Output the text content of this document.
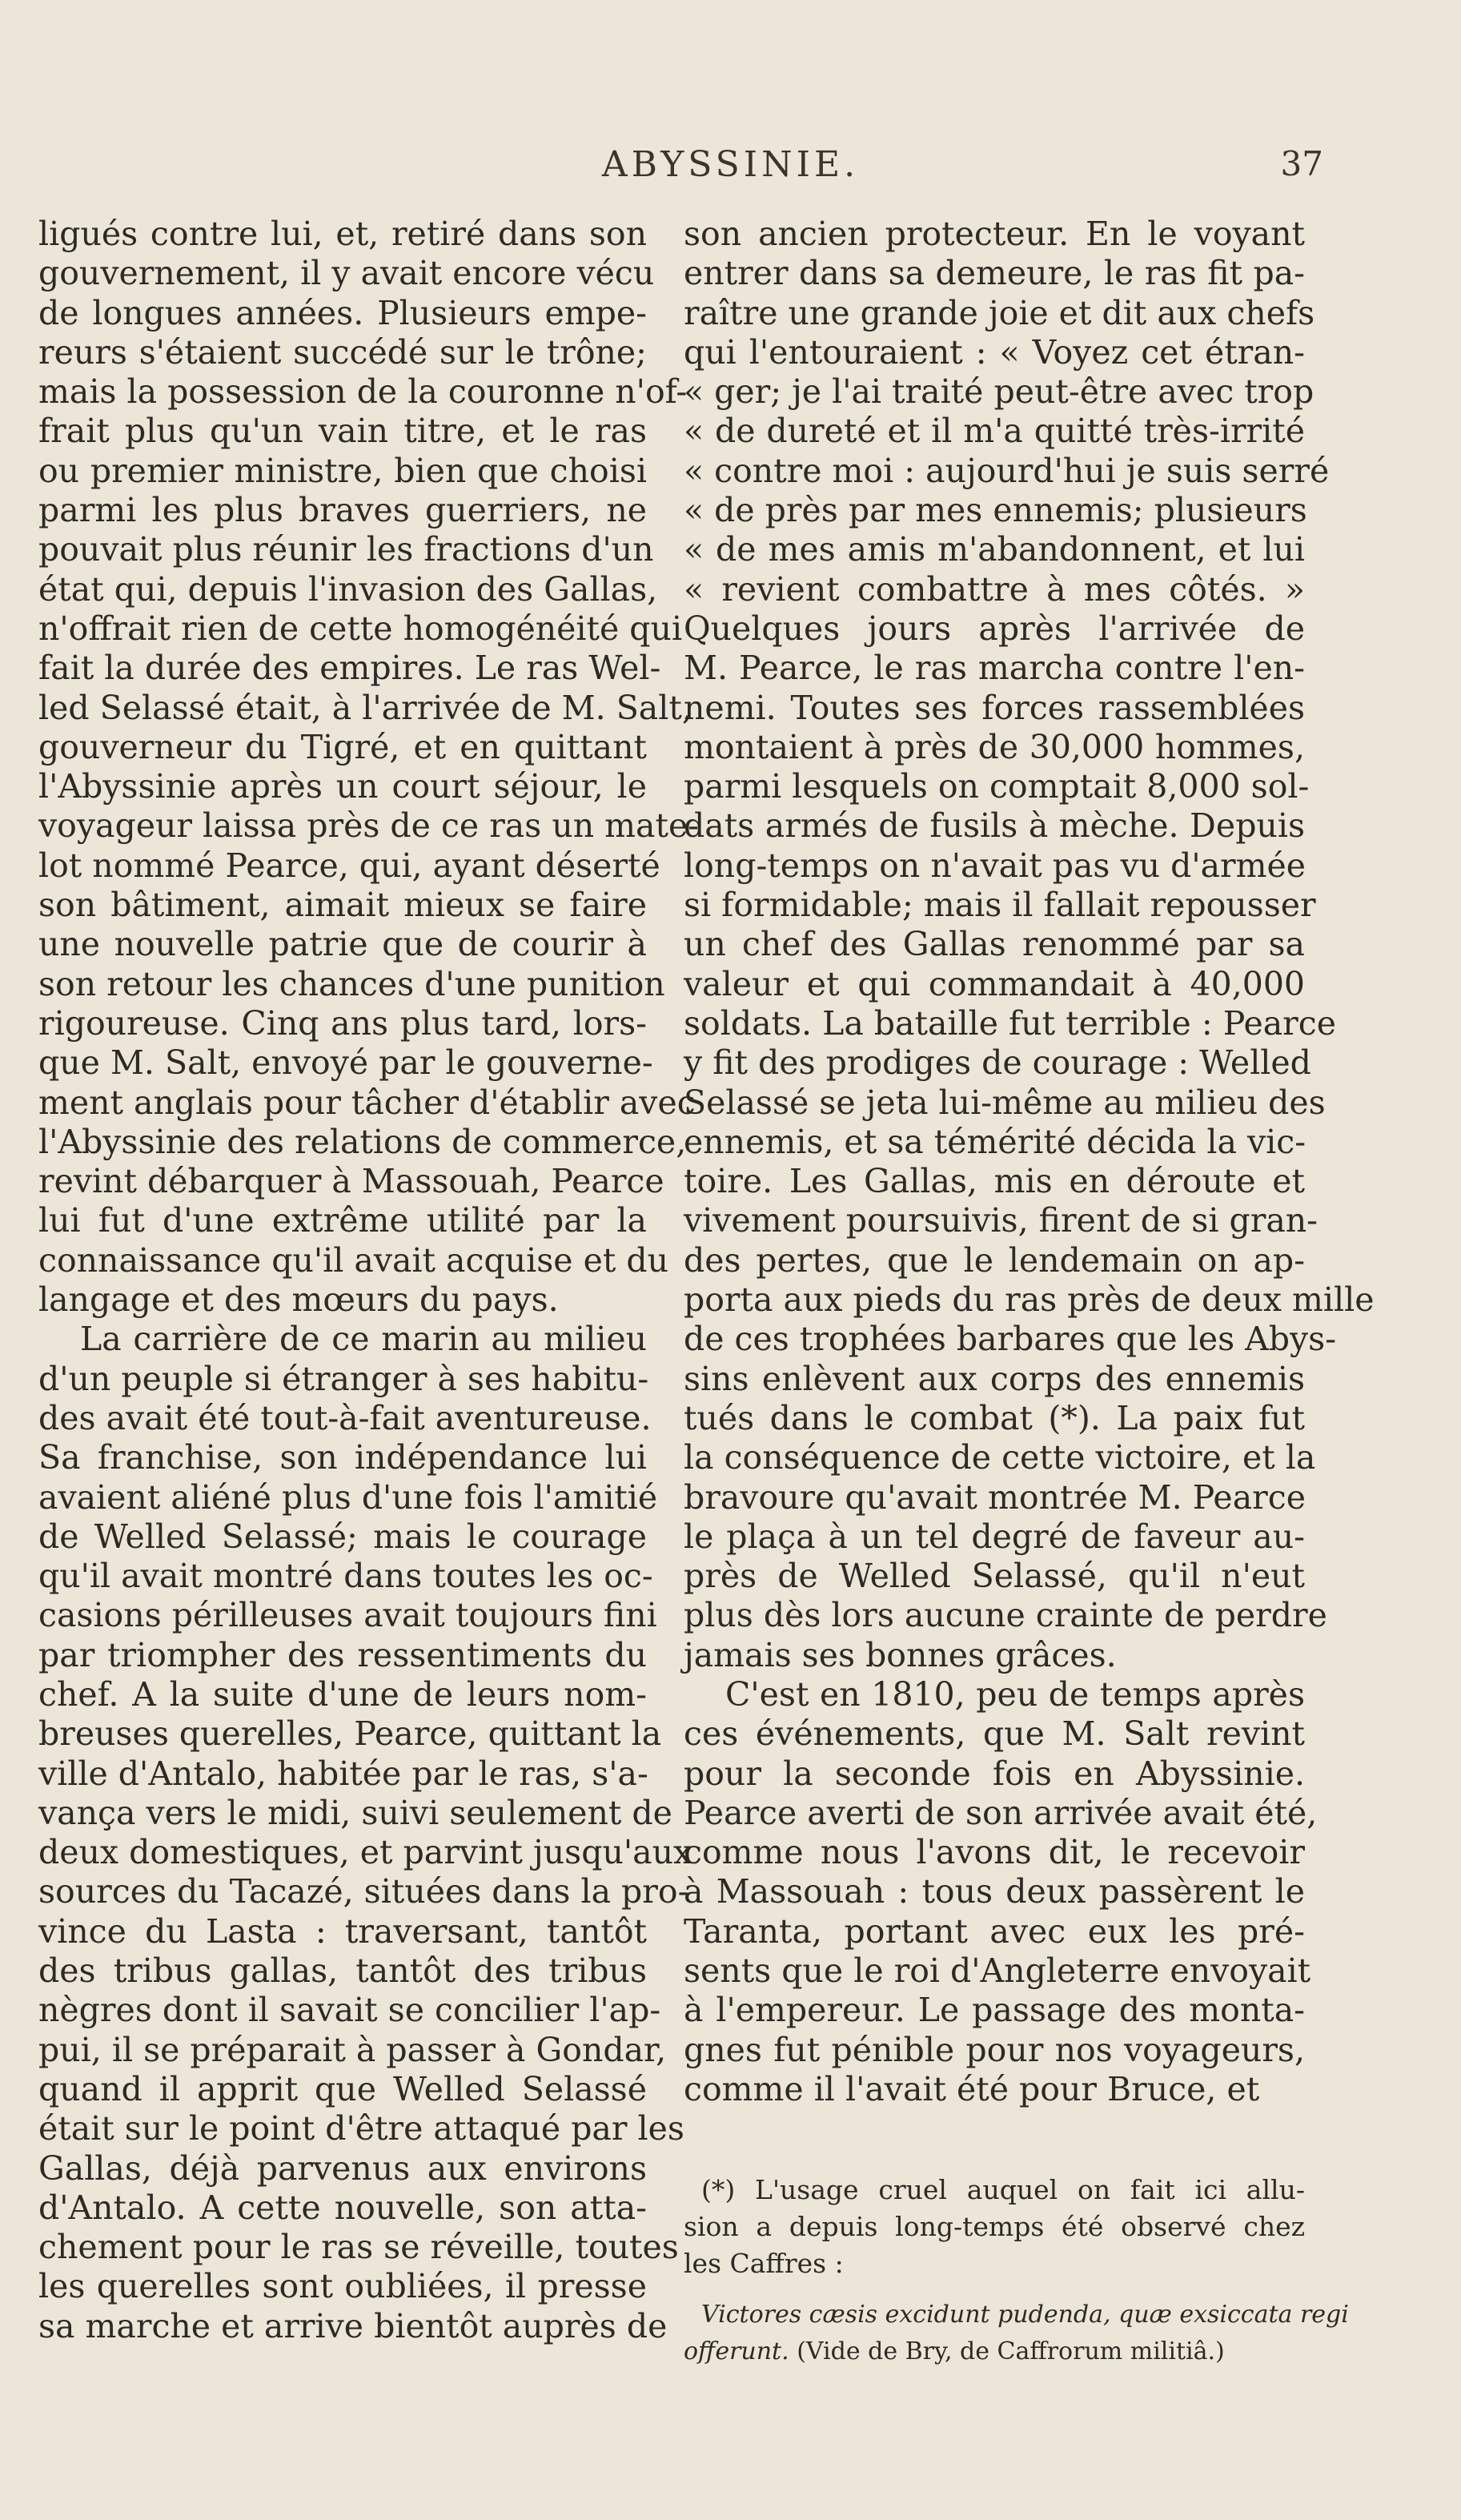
ABYSSINIE.	37

ligués contre lui, et, retiré dans son
gouvernement, il y avait encore vécu
de longues années. Plusieurs empe-
reurs s'étaient succédé sur le trône;
mais la possession de la couronne n'of-
frait plus qu'un vain titre, et le ras
ou premier ministre, bien que choisi
parmi les plus braves guerriers, ne
pouvait plus réunir les fractions d'un
état qui, depuis l'invasion des Gallas,
n'offrait rien de cette homogénéité qui
fait la durée des empires. Le ras Wel-
led Selassé était, à l'arrivée de M. Salt,
gouverneur du Tigré, et en quittant
l'Abyssinie après un court séjour, le
voyageur laissa près de ce ras un mate-
lot nommé Pearce, qui, ayant déserté
son bâtiment, aimait mieux se faire
une nouvelle patrie que de courir à
son retour les chances d'une punition
rigoureuse. Cinq ans plus tard, lors-
que M. Salt, envoyé par le gouverne-
ment anglais pour tâcher d'établir avec
l'Abyssinie des relations de commerce,
revint débarquer à Massouah, Pearce
lui fut d'une extrême utilité par la
connaissance qu'il avait acquise et du
langage et des mœurs du pays.

La carrière de ce marin au milieu
d'un peuple si étranger à ses habitu-
des avait été tout-à-fait aventureuse.
Sa franchise, son indépendance lui
avaient aliéné plus d'une fois l'amitié
de Welled Selassé; mais le courage
qu'il avait montré dans toutes les oc-
casions périlleuses avait toujours fini
par triompher des ressentiments du
chef. A la suite d'une de leurs nom-
breuses querelles, Pearce, quittant la
ville d'Antalo, habitée par le ras, s'a-
vança vers le midi, suivi seulement de
deux domestiques, et parvint jusqu'aux
sources du Tacazé, situées dans la pro-
vince du Lasta : traversant, tantôt
des tribus gallas, tantôt des tribus
nègres dont il savait se concilier l'ap-
pui, il se préparait à passer à Gondar,
quand il apprit que Welled Selassé
était sur le point d'être attaqué par les
Gallas, déjà parvenus aux environs
d'Antalo. A cette nouvelle, son atta-
chement pour le ras se réveille, toutes
les querelles sont oubliées, il presse
sa marche et arrive bientôt auprès de

son ancien protecteur. En le voyant
entrer dans sa demeure, le ras fit pa-
raître une grande joie et dit aux chefs
qui l'entouraient : « Voyez cet étran-
« ger; je l'ai traité peut-être avec trop
« de dureté et il m'a quitté très-irrité
« contre moi : aujourd'hui je suis serré
« de près par mes ennemis; plusieurs
« de mes amis m'abandonnent, et lui
« revient combattre à mes côtés. »
Quelques jours après l'arrivée de
M. Pearce, le ras marcha contre l'en-
nemi. Toutes ses forces rassemblées
montaient à près de 30,000 hommes,
parmi lesquels on comptait 8,000 sol-
dats armés de fusils à mèche. Depuis
long-temps on n'avait pas vu d'armée
si formidable; mais il fallait repousser
un chef des Gallas renommé par sa
valeur et qui commandait à 40,000
soldats. La bataille fut terrible : Pearce
y fit des prodiges de courage : Welled
Selassé se jeta lui-même au milieu des
ennemis, et sa témérité décida la vic-
toire. Les Gallas, mis en déroute et
vivement poursuivis, firent de si gran-
des pertes, que le lendemain on ap-
porta aux pieds du ras près de deux mille
de ces trophées barbares que les Abys-
sins enlèvent aux corps des ennemis
tués dans le combat (*). La paix fut
la conséquence de cette victoire, et la
bravoure qu'avait montrée M. Pearce
le plaça à un tel degré de faveur au-
près de Welled Selassé, qu'il n'eut
plus dès lors aucune crainte de perdre
jamais ses bonnes grâces.

C'est en 1810, peu de temps après
ces événements, que M. Salt revint
pour la seconde fois en Abyssinie.
Pearce averti de son arrivée avait été,
comme nous l'avons dit, le recevoir
à Massouah : tous deux passèrent le
Taranta, portant avec eux les pré-
sents que le roi d'Angleterre envoyait
à l'empereur. Le passage des monta-
gnes fut pénible pour nos voyageurs,
comme il l'avait été pour Bruce, et

(*) L'usage cruel auquel on fait ici allu-
sion a depuis long-temps été observé chez
les Caffres :

Victores cæsis excidunt pudenda, quæ exsiccata regi
offerunt. (Vide de Bry, de Caffrorum militiâ.)
